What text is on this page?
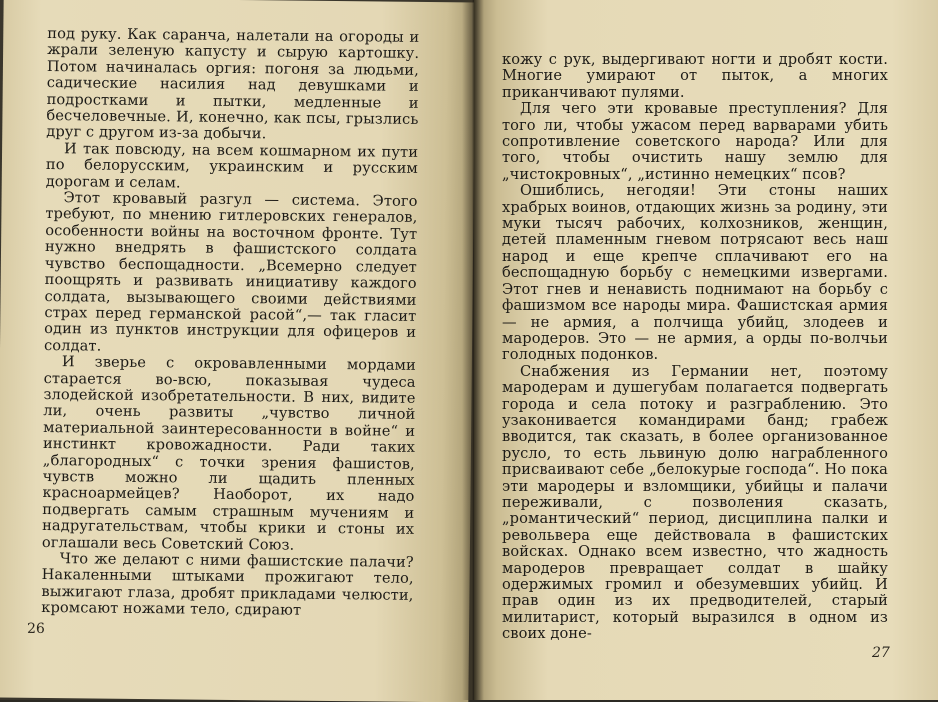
под руку. Как саранча, налетали на огороды и жрали зеленую капусту и сырую картошку. Потом начиналась оргия: погоня за людьми, садические насилия над девушками и подростками и пытки, медленные и бесчеловечные. И, конечно, как псы, грызлись друг с другом из-за добычи.

И так повсюду, на всем кошмарном их пути по белорусским, украинским и русским дорогам и селам.

Этот кровавый разгул — система. Этого требуют, по мнению гитлеровских генералов, особенности войны на восточном фронте. Тут нужно внедрять в фашистского солдата чувство беспощадности. „Всемерно следует поощрять и развивать инициативу каждого солдата, вызывающего своими действиями страх перед германской расой“,— так гласит один из пунктов инструкции для офицеров и солдат.

И зверье с окровавленными мордами старается во-всю, показывая чудеса злодейской изобретательности. В них, видите ли, очень развиты „чувство личной материальной заинтересованности в войне“ и инстинкт кровожадности. Ради таких „благородных“ с точки зрения фашистов, чувств можно ли щадить пленных красноармейцев? Наоборот, их надо подвергать самым страшным мучениям и надругательствам, чтобы крики и стоны их оглашали весь Советский Союз.

Что же делают с ними фашистские палачи? Накаленными штыками прожигают тело, выжигают глаза, дробят прикладами челюсти, кромсают ножами тело, сдирают

26

кожу с рук, выдергивают ногти и дробят кости. Многие умирают от пыток, а многих приканчивают пулями.

Для чего эти кровавые преступления? Для того ли, чтобы ужасом перед варварами убить сопротивление советского народа? Или для того, чтобы очистить нашу землю для „чистокровных“, „истинно немецких“ псов?

Ошиблись, негодяи! Эти стоны наших храбрых воинов, отдающих жизнь за родину, эти муки тысяч рабочих, колхозников, женщин, детей пламенным гневом потрясают весь наш народ и еще крепче сплачивают его на беспощадную борьбу с немецкими извергами. Этот гнев и ненависть поднимают на борьбу с фашизмом все народы мира. Фашистская армия — не армия, а полчища убийц, злодеев и мародеров. Это — не армия, а орды по-волчьи голодных подонков.

Снабжения из Германии нет, поэтому мародерам и душегубам полагается подвергать города и села потоку и разграблению. Это узаконивается командирами банд; грабеж вводится, так сказать, в более организованное русло, то есть львиную долю награбленного присваивают себе „белокурые господа“. Но пока эти мародеры и взломщики, убийцы и палачи переживали, с позволения сказать, „романтический“ период, дисциплина палки и револьвера еще действовала в фашистских войсках. Однако всем известно, что жадность мародеров превращает солдат в шайку одержимых громил и обезумевших убийц. И прав один из их предводителей, старый милитарист, который выразился в одном из своих доне-

27
